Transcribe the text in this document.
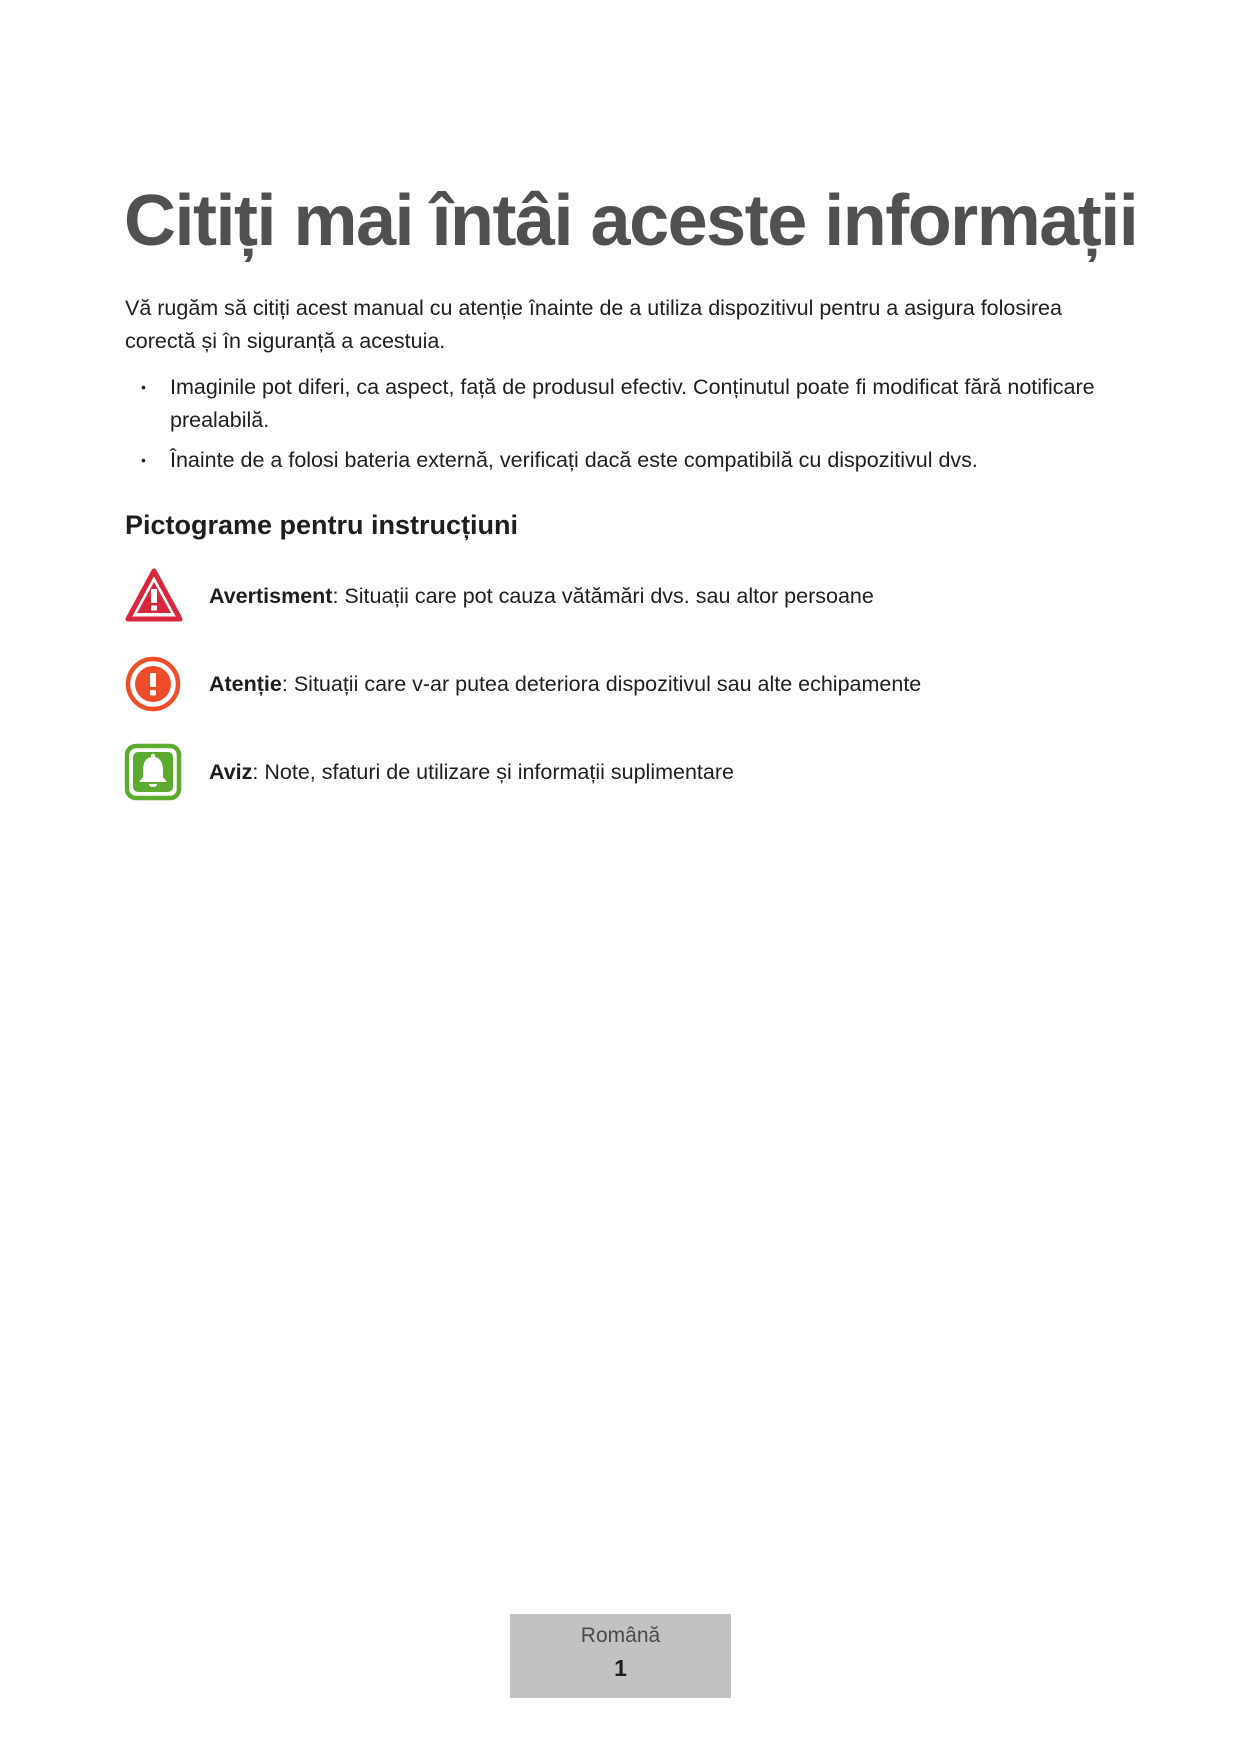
Citiți mai întâi aceste informații

Vă rugăm să citiți acest manual cu atenție înainte de a utiliza dispozitivul pentru a asigura folosirea corectă și în siguranță a acestuia.

• Imaginile pot diferi, ca aspect, față de produsul efectiv. Conținutul poate fi modificat fără notificare prealabilă.
• Înainte de a folosi bateria externă, verificați dacă este compatibilă cu dispozitivul dvs.
Pictograme pentru instrucțiuni
Avertisment: Situații care pot cauza vătămări dvs. sau altor persoane
Atenție: Situații care v-ar putea deteriora dispozitivul sau alte echipamente
Aviz: Note, sfaturi de utilizare și informații suplimentare
Română
1
